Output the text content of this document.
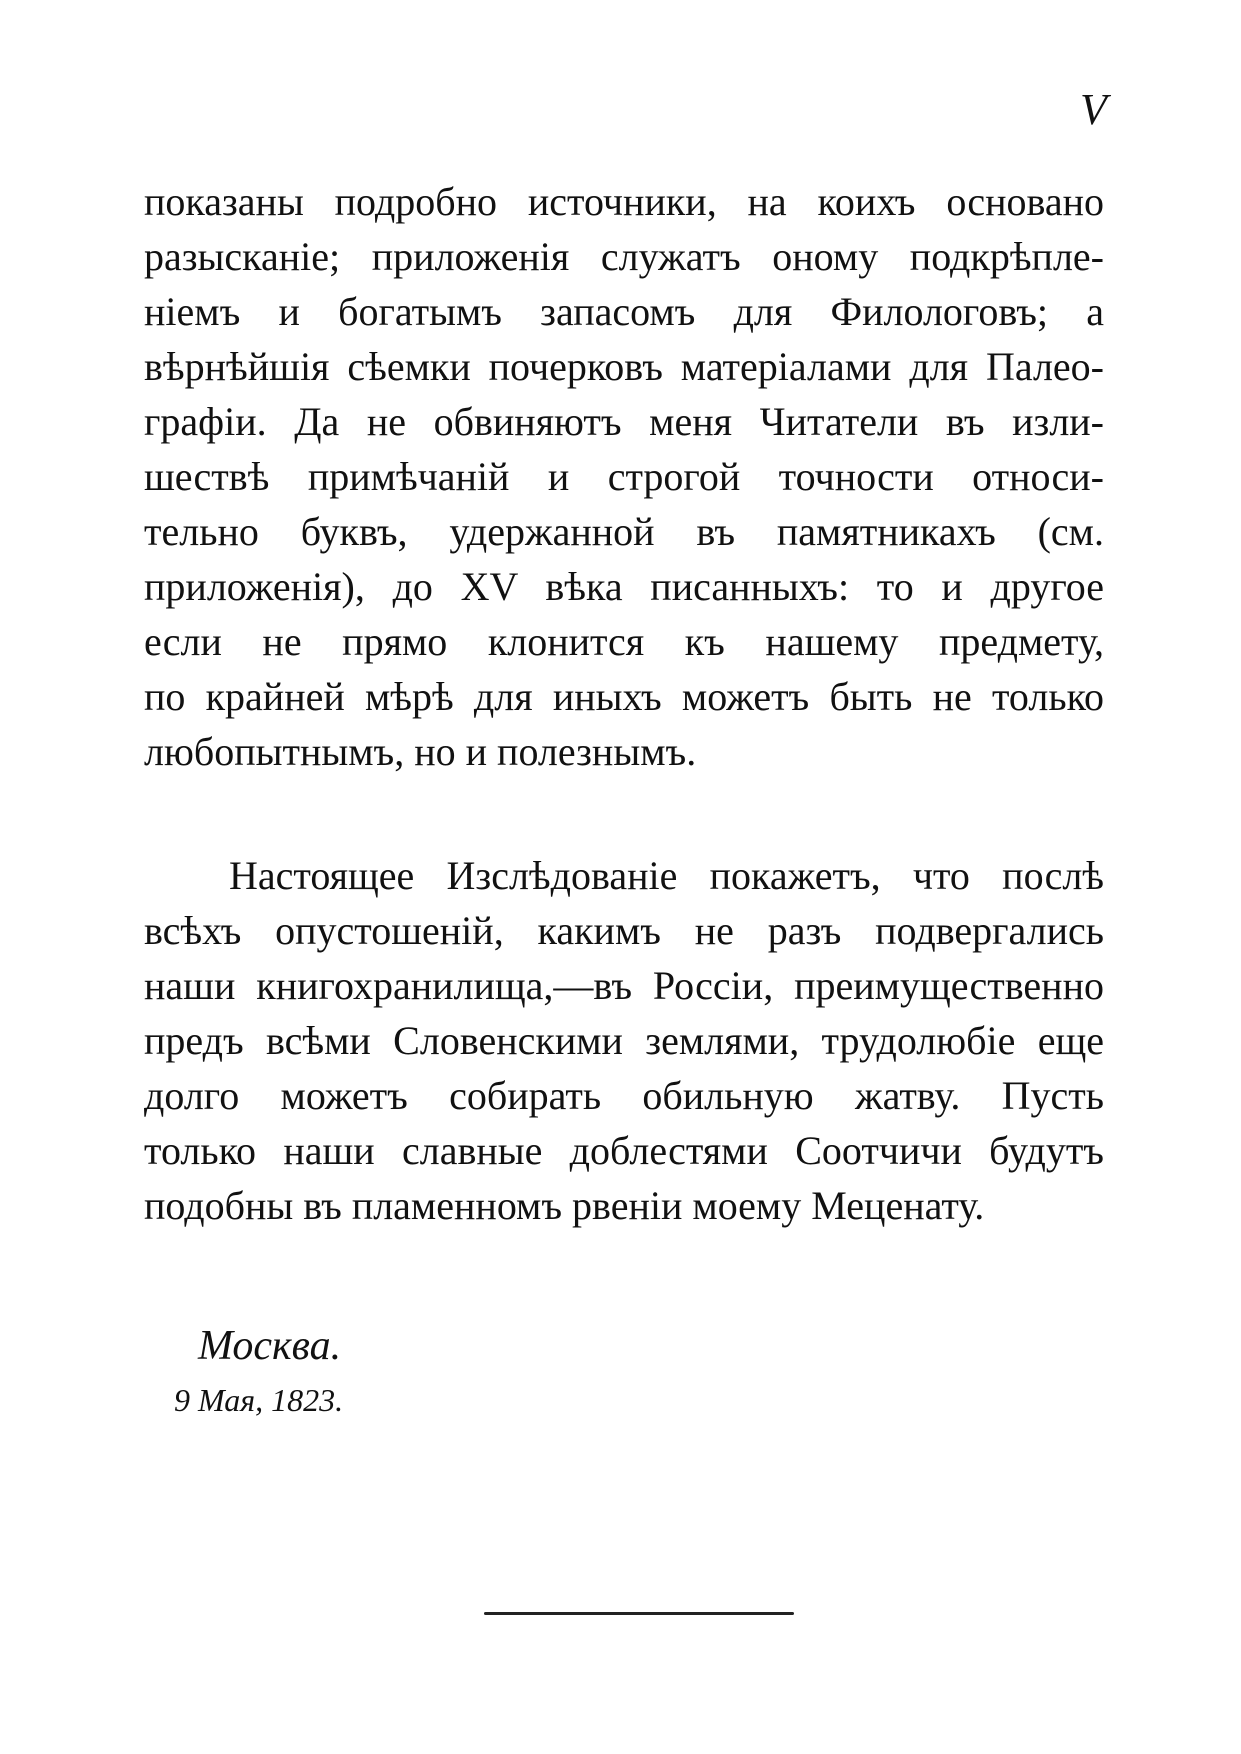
V
показаны подробно источники, на коихъ основано
разысканіе; приложенія служатъ оному подкрѣпле-
ніемъ и богатымъ запасомъ для Филологовъ; а
вѣрнѣйшія сѣемки почерковъ матеріалами для Палео-
графіи. Да не обвиняютъ меня Читатели въ изли-
шествѣ примѣчаній и строгой точности относи-
тельно буквъ, удержанной въ памятникахъ (см.
приложенія), до XV вѣка писанныхъ: то и другое
если не прямо клонится къ нашему предмету,
по крайней мѣрѣ для иныхъ можетъ быть не только
любопытнымъ, но и полезнымъ.
Настоящее Изслѣдованіе покажетъ, что послѣ
всѣхъ опустошеній, какимъ не разъ подвергались
наши книгохранилища,—въ Россіи, преимущественно
предъ всѣми Словенскими землями, трудолюбіе еще
долго можетъ собирать обильную жатву. Пусть
только наши славные доблестями Соотчичи будутъ
подобны въ пламенномъ рвеніи моему Меценату.
Москва.
9 Мая, 1823.
